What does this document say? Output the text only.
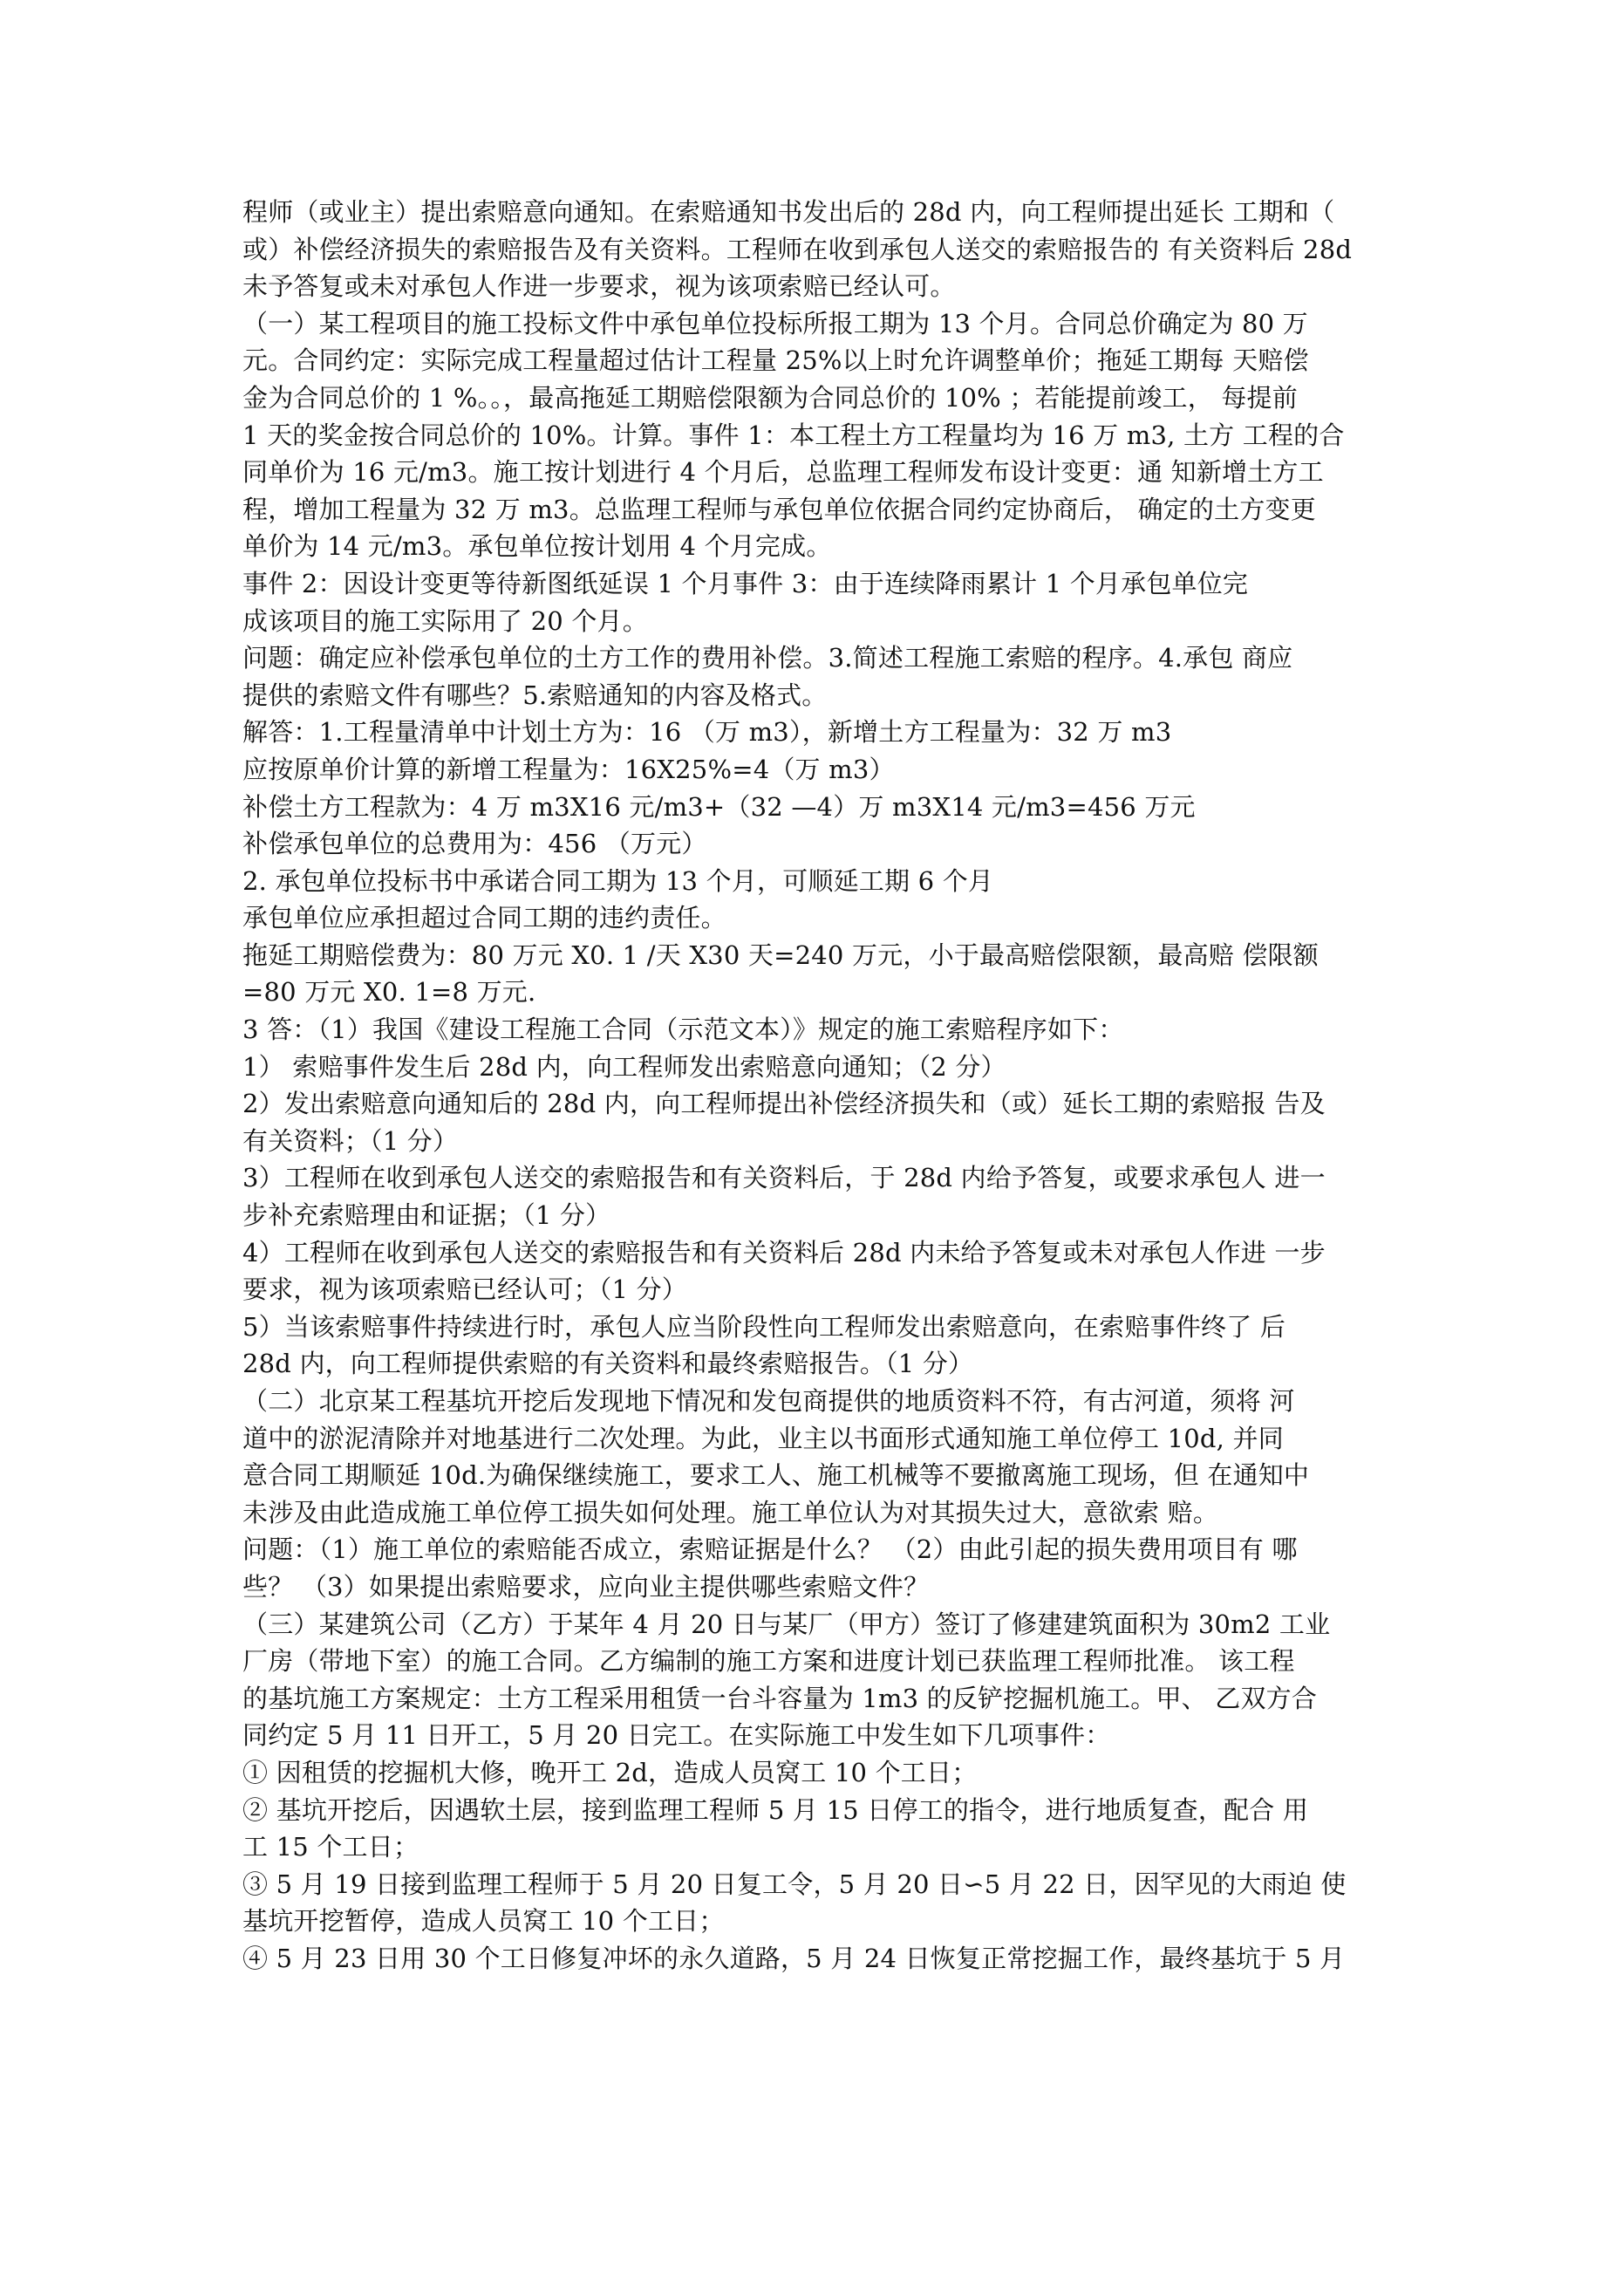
程师（或业主）提出索赔意向通知。在索赔通知书发出后的 28d 内，向工程师提出延长 工期和（
或）补偿经济损失的索赔报告及有关资料。工程师在收到承包人送交的索赔报告的 有关资料后 28d
未予答复或未对承包人作进一步要求，视为该项索赔已经认可。
（一）某工程项目的施工投标文件中承包单位投标所报工期为 13 个月。合同总价确定为 80 万
元。合同约定：实际完成工程量超过估计工程量 25%以上时允许调整单价；拖延工期每 天赔偿
金为合同总价的 1 %。。，最高拖延工期赔偿限额为合同总价的 10% ；若能提前竣工， 每提前
1 天的奖金按合同总价的 10%。计算。事件 1：本工程土方工程量均为 16 万 m3, 土方 工程的合
同单价为 16 元/m3。施工按计划进行 4 个月后，总监理工程师发布设计变更：通 知新增土方工
程，增加工程量为 32 万 m3。总监理工程师与承包单位依据合同约定协商后， 确定的土方变更
单价为 14 元/m3。承包单位按计划用 4 个月完成。
事件 2：因设计变更等待新图纸延误 1 个月事件 3：由于连续降雨累计 1 个月承包单位完
成该项目的施工实际用了 20 个月。
问题：确定应补偿承包单位的土方工作的费用补偿。3.简述工程施工索赔的程序。4.承包 商应
提供的索赔文件有哪些？5.索赔通知的内容及格式。
解答：1.工程量清单中计划土方为：16 （万 m3），新增土方工程量为：32 万 m3
应按原单价计算的新增工程量为：16X25%=4（万 m3）
补偿土方工程款为：4 万 m3X16 元/m3+（32 —4）万 m3X14 元/m3=456 万元
补偿承包单位的总费用为：456 （万元）
2. 承包单位投标书中承诺合同工期为 13 个月，可顺延工期 6 个月
承包单位应承担超过合同工期的违约责任。
拖延工期赔偿费为：80 万元 X0. 1 /天 X30 天=240 万元，小于最高赔偿限额，最高赔 偿限额
=80 万元 X0. 1=8 万元.
3 答：（1）我国《建设工程施工合同（示范文本）》规定的施工索赔程序如下：
1） 索赔事件发生后 28d 内，向工程师发出索赔意向通知；（2 分）
2）发出索赔意向通知后的 28d 内，向工程师提出补偿经济损失和（或）延长工期的索赔报 告及
有关资料；（1 分）
3）工程师在收到承包人送交的索赔报告和有关资料后，于 28d 内给予答复，或要求承包人 进一
步补充索赔理由和证据；（1 分）
4）工程师在收到承包人送交的索赔报告和有关资料后 28d 内未给予答复或未对承包人作进 一步
要求，视为该项索赔已经认可；（1 分）
5）当该索赔事件持续进行时，承包人应当阶段性向工程师发出索赔意向，在索赔事件终了 后
28d 内，向工程师提供索赔的有关资料和最终索赔报告。（1 分）
（二）北京某工程基坑开挖后发现地下情况和发包商提供的地质资料不符，有古河道，须将 河
道中的淤泥清除并对地基进行二次处理。为此，业主以书面形式通知施工单位停工 10d, 并同
意合同工期顺延 10d.为确保继续施工，要求工人、施工机械等不要撤离施工现场，但 在通知中
未涉及由此造成施工单位停工损失如何处理。施工单位认为对其损失过大，意欲索 赔。
问题：（1）施工单位的索赔能否成立，索赔证据是什么？ （2）由此引起的损失费用项目有 哪
些？ （3）如果提出索赔要求，应向业主提供哪些索赔文件？
（三）某建筑公司（乙方）于某年 4 月 20 日与某厂（甲方）签订了修建建筑面积为 30m2 工业
厂房（带地下室）的施工合同。乙方编制的施工方案和进度计划已获监理工程师批准。 该工程
的基坑施工方案规定：土方工程采用租赁一台斗容量为 1m3 的反铲挖掘机施工。甲、 乙双方合
同约定 5 月 11 日开工，5 月 20 日完工。在实际施工中发生如下几项事件：
① 因租赁的挖掘机大修，晚开工 2d，造成人员窝工 10 个工日；
② 基坑开挖后，因遇软土层，接到监理工程师 5 月 15 日停工的指令，进行地质复查，配合 用
工 15 个工日；
③ 5 月 19 日接到监理工程师于 5 月 20 日复工令，5 月 20 日∽5 月 22 日，因罕见的大雨迫 使
基坑开挖暂停，造成人员窝工 10 个工日；
④ 5 月 23 日用 30 个工日修复冲坏的永久道路，5 月 24 日恢复正常挖掘工作，最终基坑于 5 月
